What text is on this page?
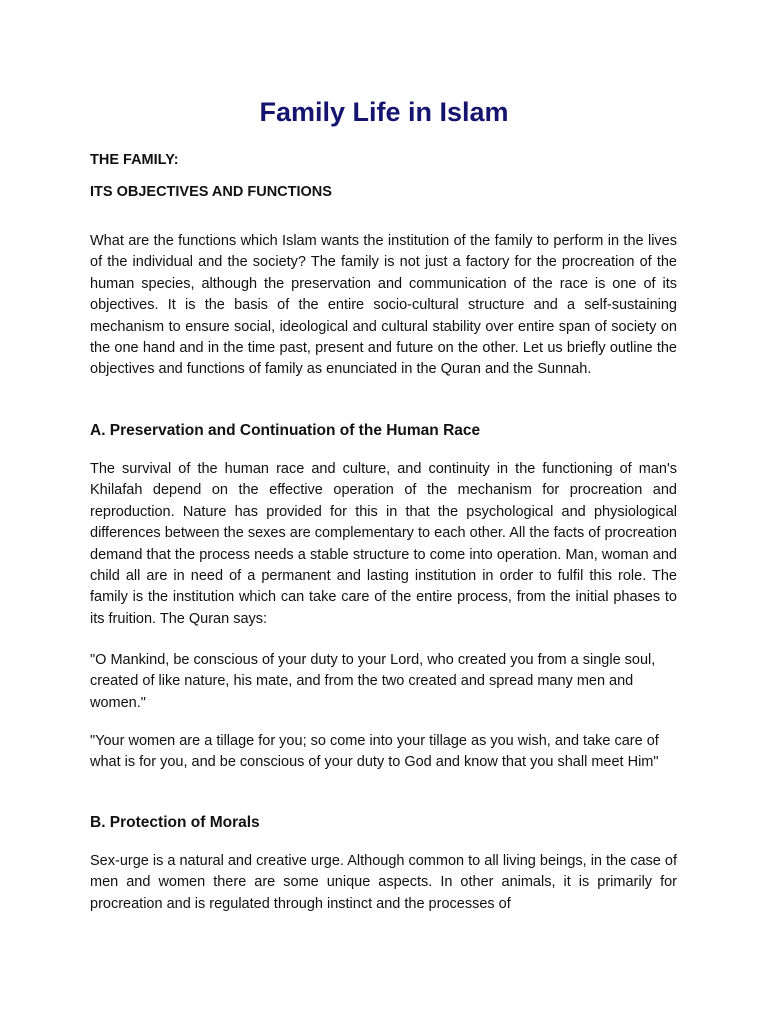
Family Life in Islam

THE FAMILY:

ITS OBJECTIVES AND FUNCTIONS

What are the functions which Islam wants the institution of the family to perform in the lives of the individual and the society? The family is not just a factory for the procreation of the human species, although the preservation and communication of the race is one of its objectives. It is the basis of the entire socio-cultural structure and a self-sustaining mechanism to ensure social, ideological and cultural stability over entire span of society on the one hand and in the time past, present and future on the other. Let us briefly outline the objectives and functions of family as enunciated in the Quran and the Sunnah.

A. Preservation and Continuation of the Human Race

The survival of the human race and culture, and continuity in the functioning of man's Khilafah depend on the effective operation of the mechanism for procreation and reproduction. Nature has provided for this in that the psychological and physiological differences between the sexes are complementary to each other. All the facts of procreation demand that the process needs a stable structure to come into operation. Man, woman and child all are in need of a permanent and lasting institution in order to fulfil this role. The family is the institution which can take care of the entire process, from the initial phases to its fruition. The Quran says:

"O Mankind, be conscious of your duty to your Lord, who created you from a single soul, created of like nature, his mate, and from the two created and spread many men and women."

"Your women are a tillage for you; so come into your tillage as you wish, and take care of what is for you, and be conscious of your duty to God and know that you shall meet Him"

B. Protection of Morals

Sex-urge is a natural and creative urge. Although common to all living beings, in the case of men and women there are some unique aspects. In other animals, it is primarily for procreation and is regulated through instinct and the processes of
